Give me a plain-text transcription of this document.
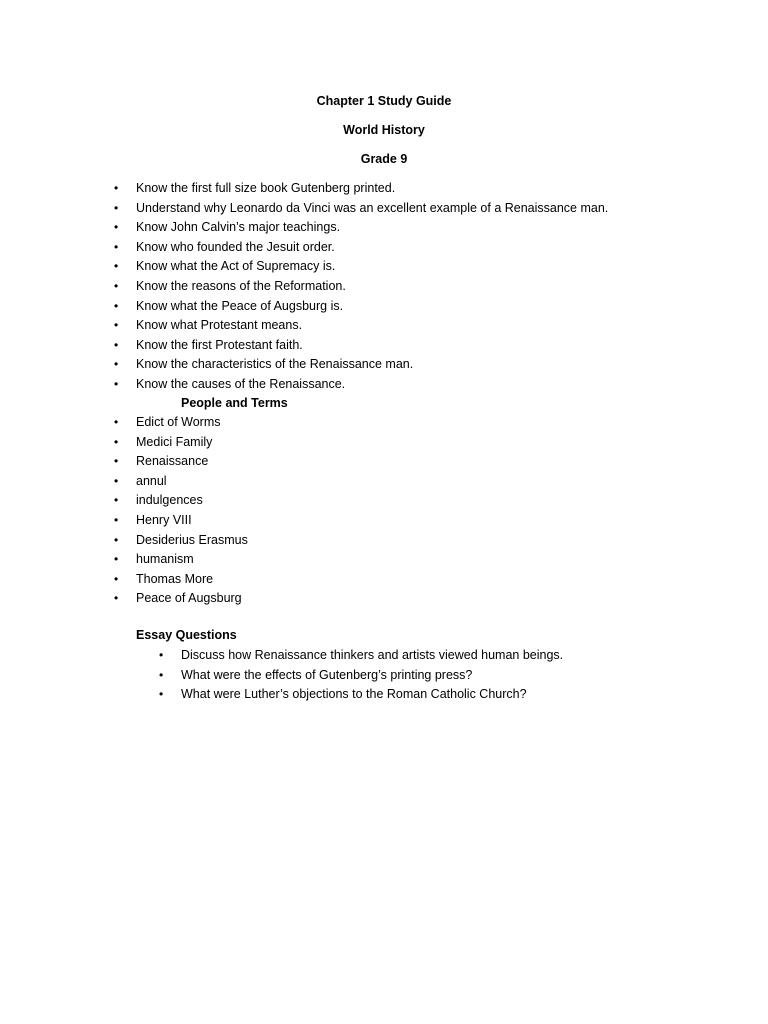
Chapter 1 Study Guide
World History
Grade 9
• Know the first full size book Gutenberg printed.
• Understand why Leonardo da Vinci was an excellent example of a Renaissance man.
• Know John Calvin’s major teachings.
• Know who founded the Jesuit order.
• Know what the Act of Supremacy is.
• Know the reasons of the Reformation.
• Know what the Peace of Augsburg is.
• Know what Protestant means.
• Know the first Protestant faith.
• Know the characteristics of the Renaissance man.
• Know the causes of the Renaissance.
People and Terms
• Edict of Worms
• Medici Family
• Renaissance
• annul
• indulgences
• Henry VIII
• Desiderius Erasmus
• humanism
• Thomas More
• Peace of Augsburg
Essay Questions
• Discuss how Renaissance thinkers and artists viewed human beings.
• What were the effects of Gutenberg’s printing press?
• What were Luther’s objections to the Roman Catholic Church?
